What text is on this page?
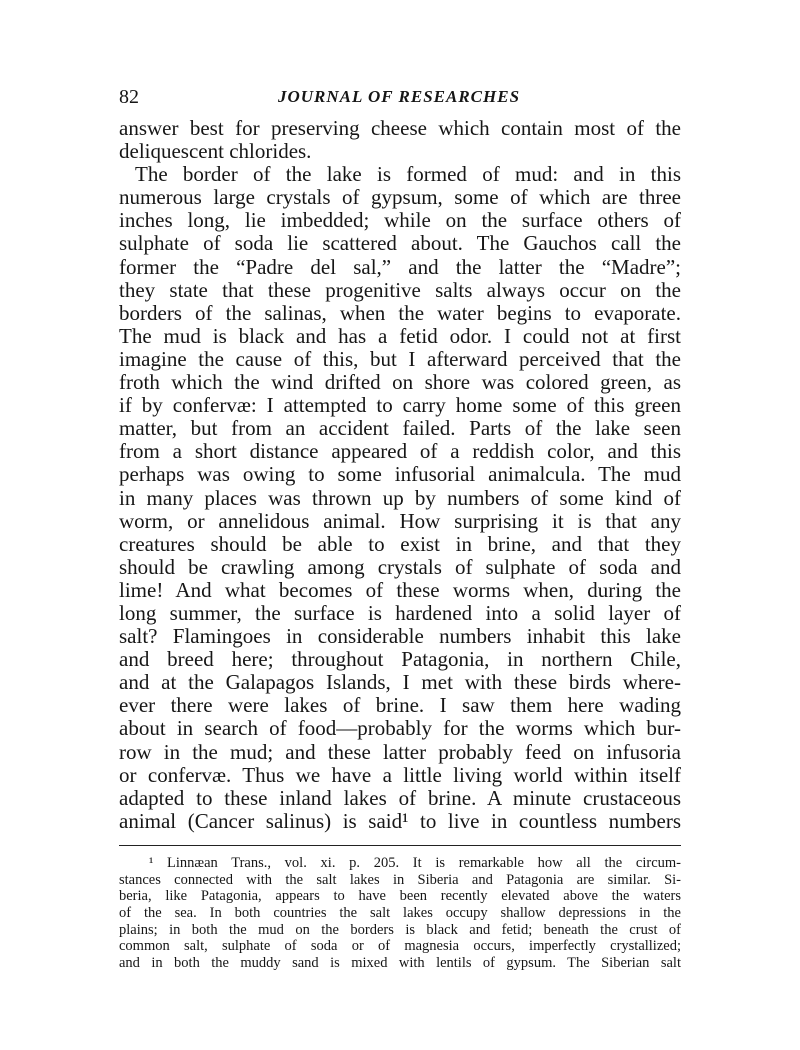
82	JOURNAL OF RESEARCHES
answer best for preserving cheese which contain most of the
deliquescent chlorides.
The border of the lake is formed of mud: and in this
numerous large crystals of gypsum, some of which are three
inches long, lie imbedded; while on the surface others of
sulphate of soda lie scattered about. The Gauchos call the
former the “Padre del sal,” and the latter the “Madre”;
they state that these progenitive salts always occur on the
borders of the salinas, when the water begins to evaporate.
The mud is black and has a fetid odor. I could not at first
imagine the cause of this, but I afterward perceived that the
froth which the wind drifted on shore was colored green, as
if by confervæ: I attempted to carry home some of this green
matter, but from an accident failed. Parts of the lake seen
from a short distance appeared of a reddish color, and this
perhaps was owing to some infusorial animalcula. The mud
in many places was thrown up by numbers of some kind of
worm, or annelidous animal. How surprising it is that any
creatures should be able to exist in brine, and that they
should be crawling among crystals of sulphate of soda and
lime! And what becomes of these worms when, during the
long summer, the surface is hardened into a solid layer of
salt? Flamingoes in considerable numbers inhabit this lake
and breed here; throughout Patagonia, in northern Chile,
and at the Galapagos Islands, I met with these birds where-
ever there were lakes of brine. I saw them here wading
about in search of food—probably for the worms which bur-
row in the mud; and these latter probably feed on infusoria
or confervæ. Thus we have a little living world within itself
adapted to these inland lakes of brine. A minute crustaceous
animal (Cancer salinus) is said¹ to live in countless numbers
¹ Linnæan Trans., vol. xi. p. 205. It is remarkable how all the circum-
stances connected with the salt lakes in Siberia and Patagonia are similar. Si-
beria, like Patagonia, appears to have been recently elevated above the waters
of the sea. In both countries the salt lakes occupy shallow depressions in the
plains; in both the mud on the borders is black and fetid; beneath the crust of
common salt, sulphate of soda or of magnesia occurs, imperfectly crystallized;
and in both the muddy sand is mixed with lentils of gypsum. The Siberian salt
